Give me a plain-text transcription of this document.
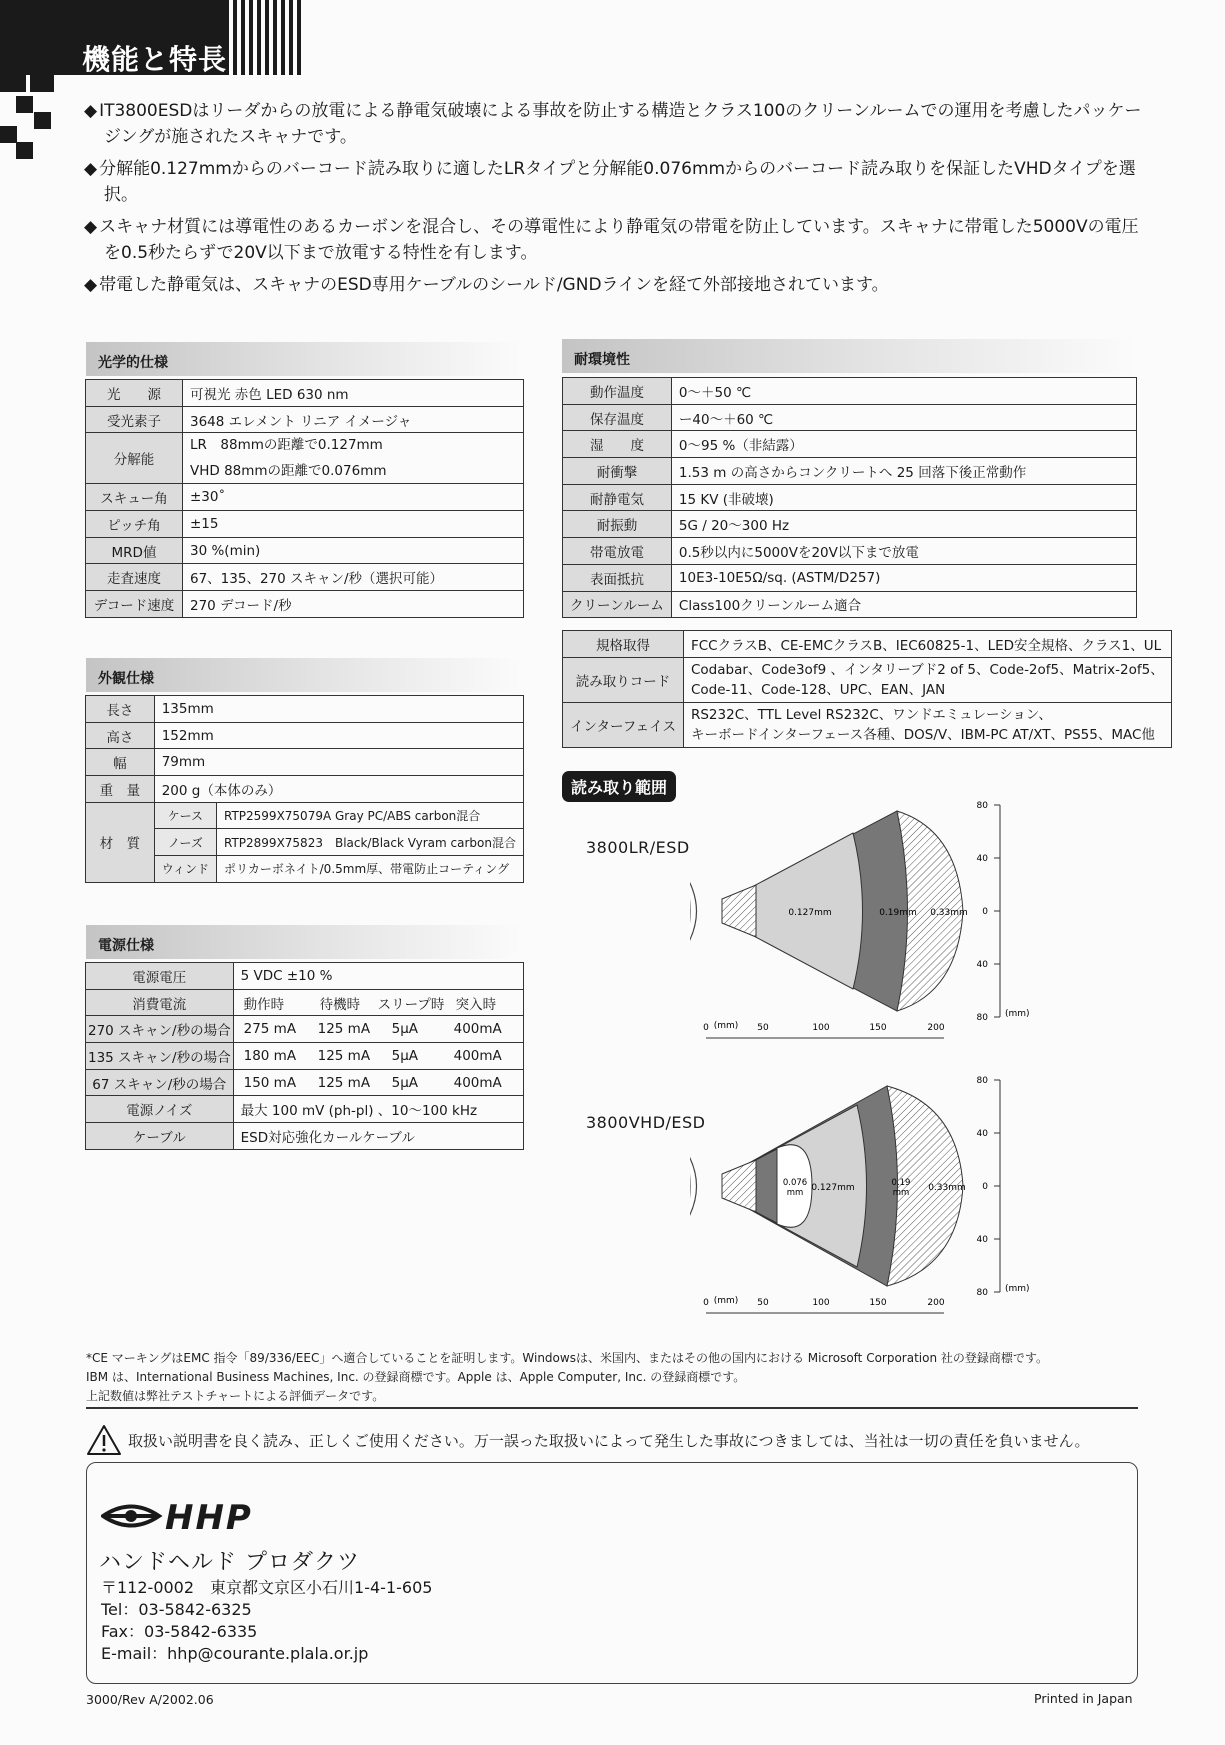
機能と特長

◆ IT3800ESDはリーダからの放電による静電気破壊による事故を防止する構造とクラス100のクリーンルームでの運用を考慮したパッケージングが施されたスキャナです。

◆ 分解能0.127mmからのバーコード読み取りに適したLRタイプと分解能0.076mmからのバーコード読み取りを保証したVHDタイプを選択。

◆ スキャナ材質には導電性のあるカーボンを混合し、その導電性により静電気の帯電を防止しています。スキャナに帯電した5000Vの電圧を0.5秒たらずで20V以下まで放電する特性を有します。

◆ 帯電した静電気は、スキャナのESD専用ケーブルのシールド/GNDラインを経て外部接地されています。

光学的仕様
光　　源	可視光 赤色 LED 630 nm
受光素子	3648 エレメント リニア イメージャ
分解能	LR　88mmの距離で0.127mm
VHD 88mmの距離で0.076mm

スキュー角	±30˚
ピッチ角	±15
MRD値	30 %(min)
走査速度	67、135、270 スキャン/秒（選択可能）
デコード速度	270 デコード/秒
外観仕様
長さ	135mm	
高さ	152mm	
幅	79mm	
重　量	200 g（本体のみ）	
材　質	ケース	RTP2599X75079A Gray PC/ABS carbon混合
	ノーズ	RTP2899X75823　Black/Black Vyram carbon混合
	ウィンド	ポリカーボネイト/0.5mm厚、帯電防止コーティング
電源仕様
電源電圧	5 VDC ±10 %
消費電流	動作時 待機時 スリープ時 突入時
270 スキャン/秒の場合	275 mA 125 mA 5μA 400mA
135 スキャン/秒の場合	180 mA 125 mA 5μA 400mA
67 スキャン/秒の場合	150 mA 125 mA 5μA 400mA
電源ノイズ	最大 100 mV (ph-pl) 、10〜100 kHz
ケーブル	ESD対応強化カールケーブル
耐環境性
動作温度	0〜＋50 ℃
保存温度	ー40〜＋60 ℃
湿　　度	0〜95 %（非結露）
耐衝撃	1.53 m の高さからコンクリートへ 25 回落下後正常動作
耐静電気	15 KV (非破壊)
耐振動	5G / 20〜300 Hz
帯電放電	0.5秒以内に5000Vを20V以下まで放電
表面抵抗	10E3-10E5Ω/sq. (ASTM/D257)
クリーンルーム	Class100クリーンルーム適合
規格取得	FCCクラスB、CE-EMCクラスB、IEC60825-1、LED安全規格、クラス1、UL
読み取りコード	Codabar、Code3of9 、インタリーブド2 of 5、Code-2of5、Matrix-2of5、
Code-11、Code-128、UPC、EAN、JAN

インターフェイス	RS232C、TTL Level RS232C、ワンドエミュレーション、
キーボードインターフェース各種、DOS/V、IBM-PC AT/XT、PS55、MAC他
読み取り範囲
3800LR/ESD
0.127mm	0.19mm 0.33mm
80
40
0
40
80 (mm)
0 (mm) 50	100	150	200
3800VHD/ESD
0.076
mm 0.127mm	0.19
mm 0.33mm
80
40
0
40
80 (mm)
0 (mm) 50	100	150	200
*CE マーキングはEMC 指令「89/336/EEC」へ適合していることを証明します。Windowsは、米国内、またはその他の国内における Microsoft Corporation 社の登録商標です。
IBM は、International Business Machines, Inc. の登録商標です。Apple は、Apple Computer, Inc. の登録商標です。
上記数値は弊社テストチャートによる評価データです。
取扱い説明書を良く読み、正しくご使用ください。万一誤った取扱いによって発生した事故につきましては、当社は一切の責任を負いません。
HHP
ハンドヘルド プロダクツ
〒112-0002　東京都文京区小石川1-4-1-605
Tel：03-5842-6325
Fax：03-5842-6335
E-mail：hhp@courante.plala.or.jp
3000/Rev A/2002.06	Printed in Japan
